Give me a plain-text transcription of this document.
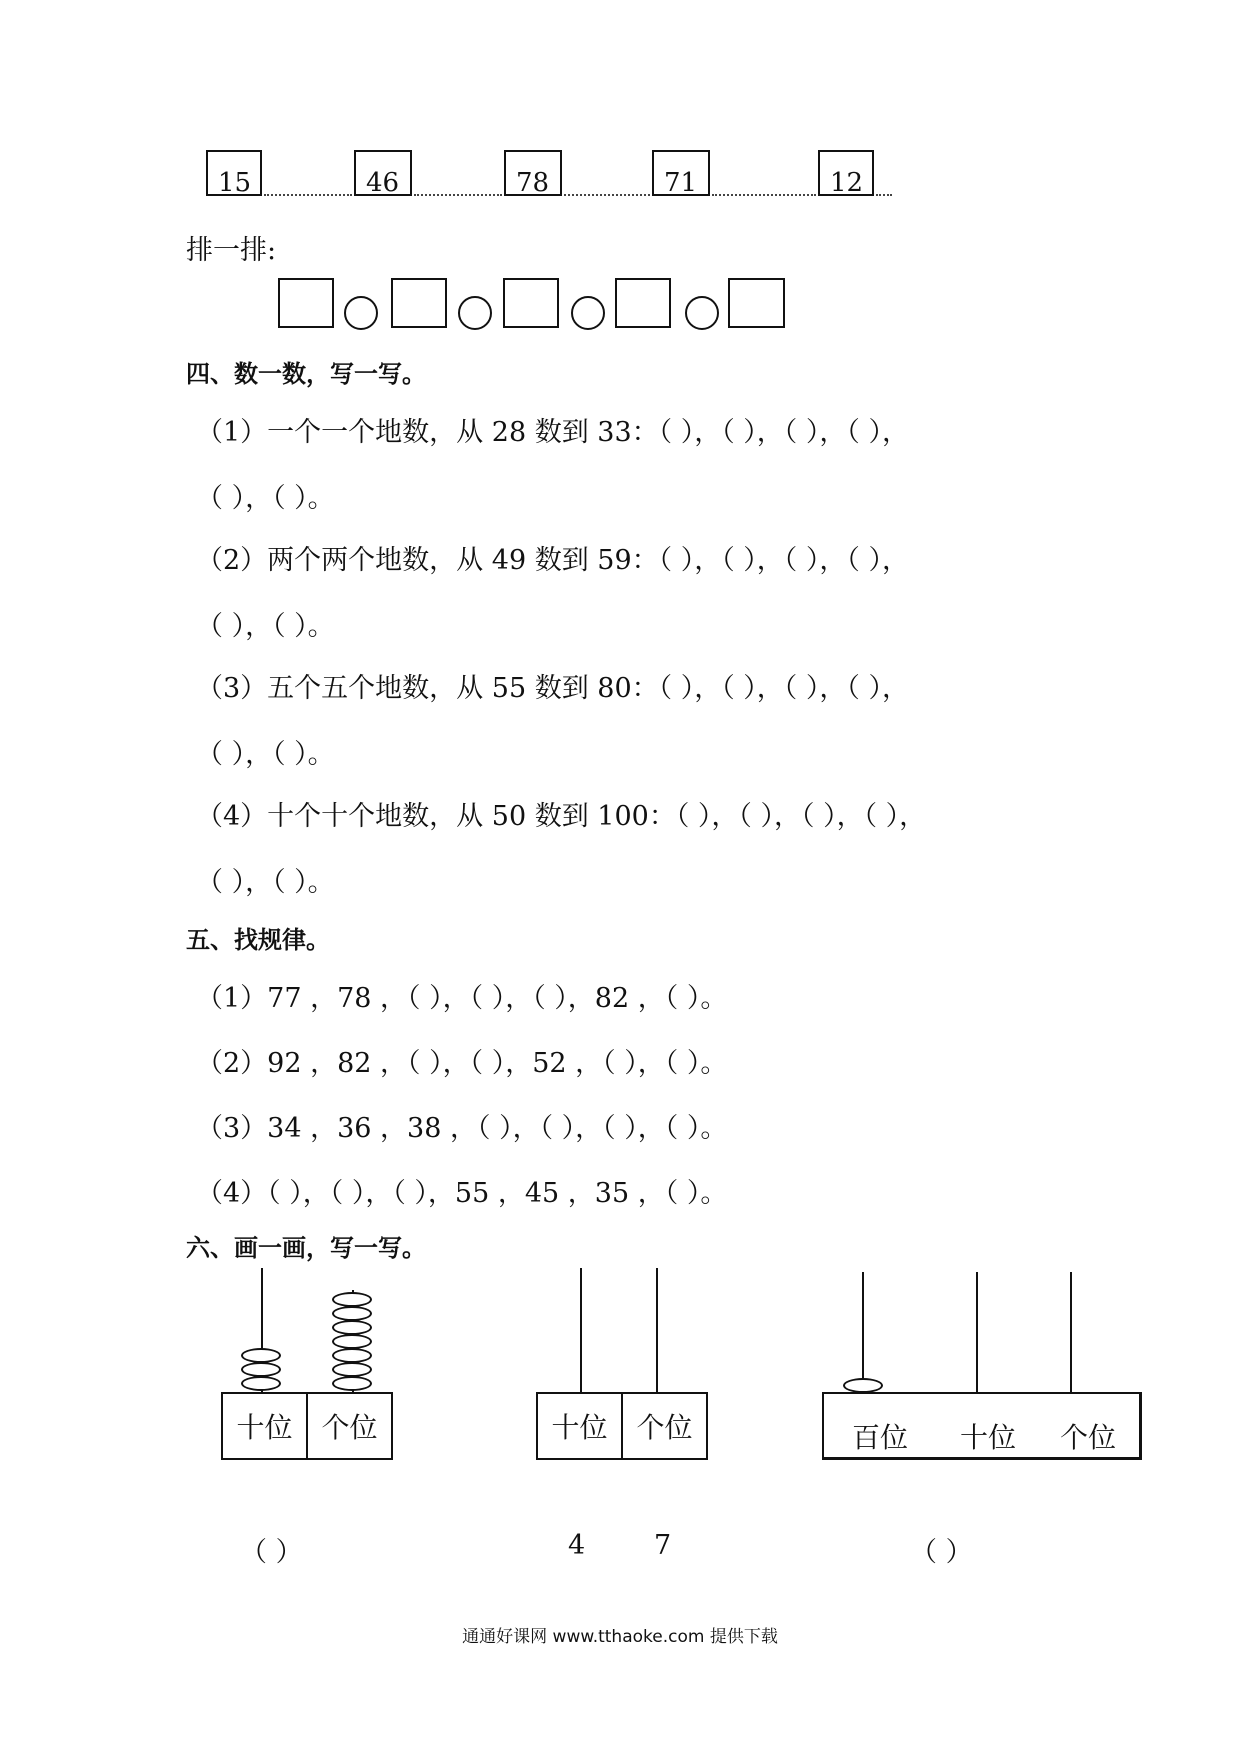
15	46	78	71	12
排一排:
四、数一数，写一写。
（1）一个一个地数，从 28 数到 33：（ ），（ ），（ ），（ ），
（ ），（ ）。
（2）两个两个地数，从 49 数到 59：（ ），（ ），（ ），（ ），
（ ），（ ）。
（3）五个五个地数，从 55 数到 80：（ ），（ ），（ ），（ ），
（ ），（ ）。
（4）十个十个地数，从 50 数到 100：（ ），（ ），（ ），（ ），
（ ），（ ）。
五、找规律。
（1）77 ，78 ，（ ），（ ），（ ），82 ，（ ）。
（2）92 ，82 ，（ ），（ ），52 ，（ ），（ ）。
（3）34 ，36 ，38 ，（ ），（ ），（ ），（ ）。
（4）（ ），（ ），（ ），55 ，45 ，35 ，（ ）。
六、画一画，写一写。
十位	个位
（ ）
十位	个位
4	7
百位	十位	个位
（ ）
通通好课网 www.tthaoke.com 提供下载
